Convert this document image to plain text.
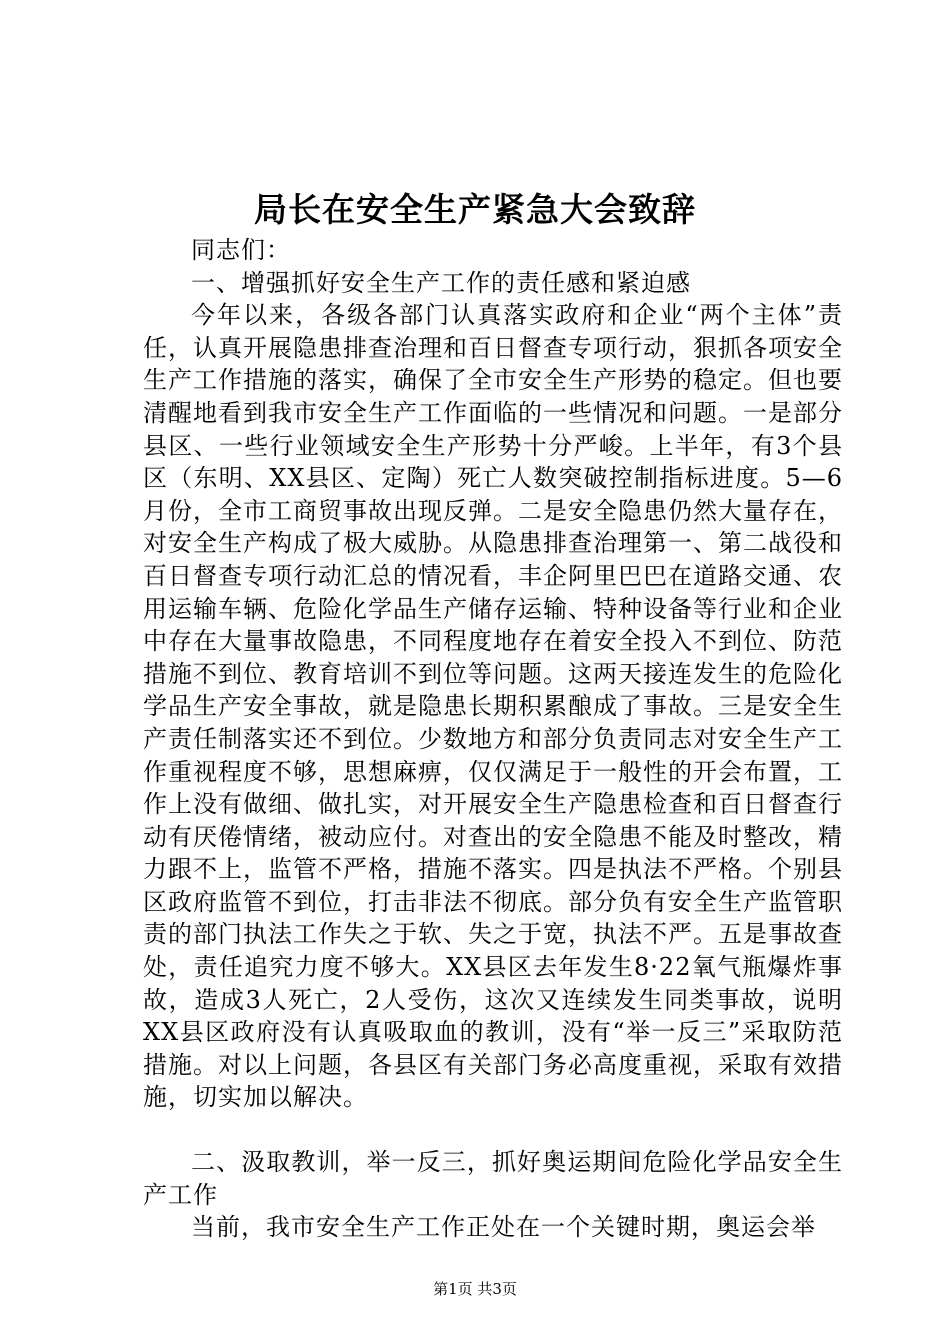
局长在安全生产紧急大会致辞

同志们：

一、增强抓好安全生产工作的责任感和紧迫感

今年以来，各级各部门认真落实政府和企业“两个主体”责任，认真开展隐患排查治理和百日督查专项行动，狠抓各项安全生产工作措施的落实，确保了全市安全生产形势的稳定。但也要清醒地看到我市安全生产工作面临的一些情况和问题。一是部分县区、一些行业领域安全生产形势十分严峻。上半年，有3个县区（东明、XX县区、定陶）死亡人数突破控制指标进度。5—6月份，全市工商贸事故出现反弹。二是安全隐患仍然大量存在，对安全生产构成了极大威胁。从隐患排查治理第一、第二战役和百日督查专项行动汇总的情况看，丰企阿里巴巴在道路交通、农用运输车辆、危险化学品生产储存运输、特种设备等行业和企业中存在大量事故隐患，不同程度地存在着安全投入不到位、防范措施不到位、教育培训不到位等问题。这两天接连发生的危险化学品生产安全事故，就是隐患长期积累酿成了事故。三是安全生产责任制落实还不到位。少数地方和部分负责同志对安全生产工作重视程度不够，思想麻痹，仅仅满足于一般性的开会布置，工作上没有做细、做扎实，对开展安全生产隐患检查和百日督查行动有厌倦情绪，被动应付。对查出的安全隐患不能及时整改，精力跟不上，监管不严格，措施不落实。四是执法不严格。个别县区政府监管不到位，打击非法不彻底。部分负有安全生产监管职责的部门执法工作失之于软、失之于宽，执法不严。五是事故查处，责任追究力度不够大。XX县区去年发生8·22氧气瓶爆炸事故，造成3人死亡，2人受伤，这次又连续发生同类事故，说明XX县区政府没有认真吸取血的教训，没有“举一反三”采取防范措施。对以上问题，各县区有关部门务必高度重视，采取有效措施，切实加以解决。

二、汲取教训，举一反三，抓好奥运期间危险化学品安全生产工作

当前，我市安全生产工作正处在一个关键时期，奥运会举

第1页 共3页
